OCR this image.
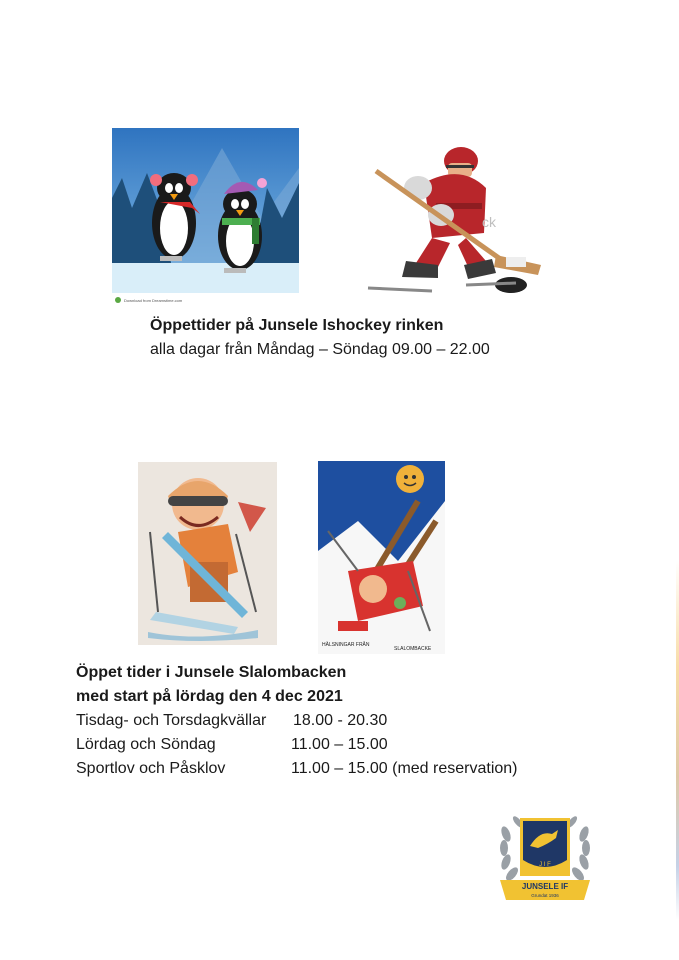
Download from Dreamstime.com
ck
Öppettider på Junsele Ishockey rinken
alla dagar från Måndag – Söndag 09.00 – 22.00
HÄLSNINGAR FRÅN
SLALOMBACKE
Öppet tider i Junsele Slalombacken
med start på lördag den 4 dec 2021
Tisdag- och Torsdagkvällar 18.00 - 20.30
Lördag och Söndag	11.00 – 15.00
Sportlov och Påsklov	11.00 – 15.00 (med reservation)
J I F
JUNSELE IF
Grundat 1936
